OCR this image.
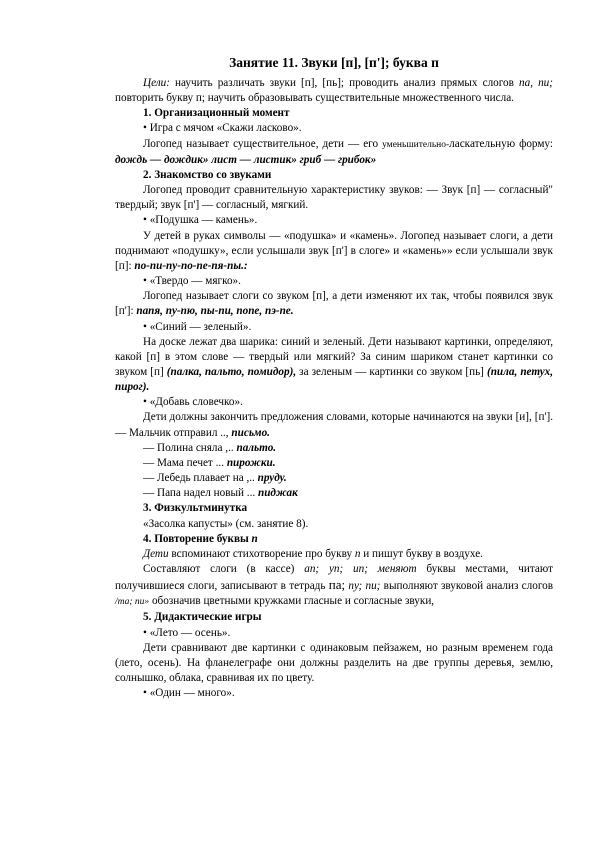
Занятие 11. Звуки [п], [п']; буква п

Цели: научить различать звуки [п], [пь]; проводить анализ прямых слогов па, пи; повторить букву п; научить образовывать существительные множественного числа.

1. Организационный момент

• Игра с мячом «Скажи ласково».

Логопед называет существительное, дети — его уменьшительно-ласкательную форму: дождь — дождик» лист — листик» гриб — грибок»

2. Знакомство со звуками

Логопед проводит сравнительную характеристику звуков: — Звук [п] — согласный" твердый; звук [п'] — согласный, мягкий.

• «Подушка — камень».

У детей в руках символы — «подушка» и «камень». Логопед называет слоги, а дети поднимают «подушку», если услышали звук [п'] в слоге» и «камень»» если услышали звук [п]: по-пи-пу-по-пе-пя-пы.:

• «Твердо — мягко».

Логопед называет слоги со звуком [п], а дети изменяют их так, чтобы появился звук [п']: папя, пу-пю, пы-пи, попе, пэ-пе.

• «Синий — зеленый».

На доске лежат два шарика: синий и зеленый. Дети называют картинки, определяют, какой [п] в этом слове — твердый или мягкий? За синим шариком станет картинки со звуком [п] (палка, пальто, помидор), за зеленым — картинки со звуком [пь] (пила, петух, пирог).

• «Добавь словечко».

Дети должны закончить предложения словами, которые начинаются на звуки [и], [п']. — Мальчик отправил .., письмо.

— Полина сняла ,.. пальто.

— Мама печет ... пирожки.

— Лебедь плавает на ,.. пруду.

— Папа надел новый ... пиджак

3. Физкультминутка

«Засолка капусты» (см. занятие 8).

4. Повторение буквы п

Дети вспоминают стихотворение про букву п и пишут букву в воздухе.

Составляют слоги (в кассе) an; уп; un; меняют буквы местами, читают получившиеся слоги, записывают в тетрадь па; пу; пи; выполняют звуковой анализ слогов /та; пи» обозначив цветными кружками гласные и согласные звуки,

5. Дидактические игры

• «Лето — осень».

Дети сравнивают две картинки с одинаковым пейзажем, но разным временем года (лето, осень). На фланелеграфе они должны разделить на две группы деревья, землю, солнышко, облака, сравнивая их по цвету.

• «Один — много».
